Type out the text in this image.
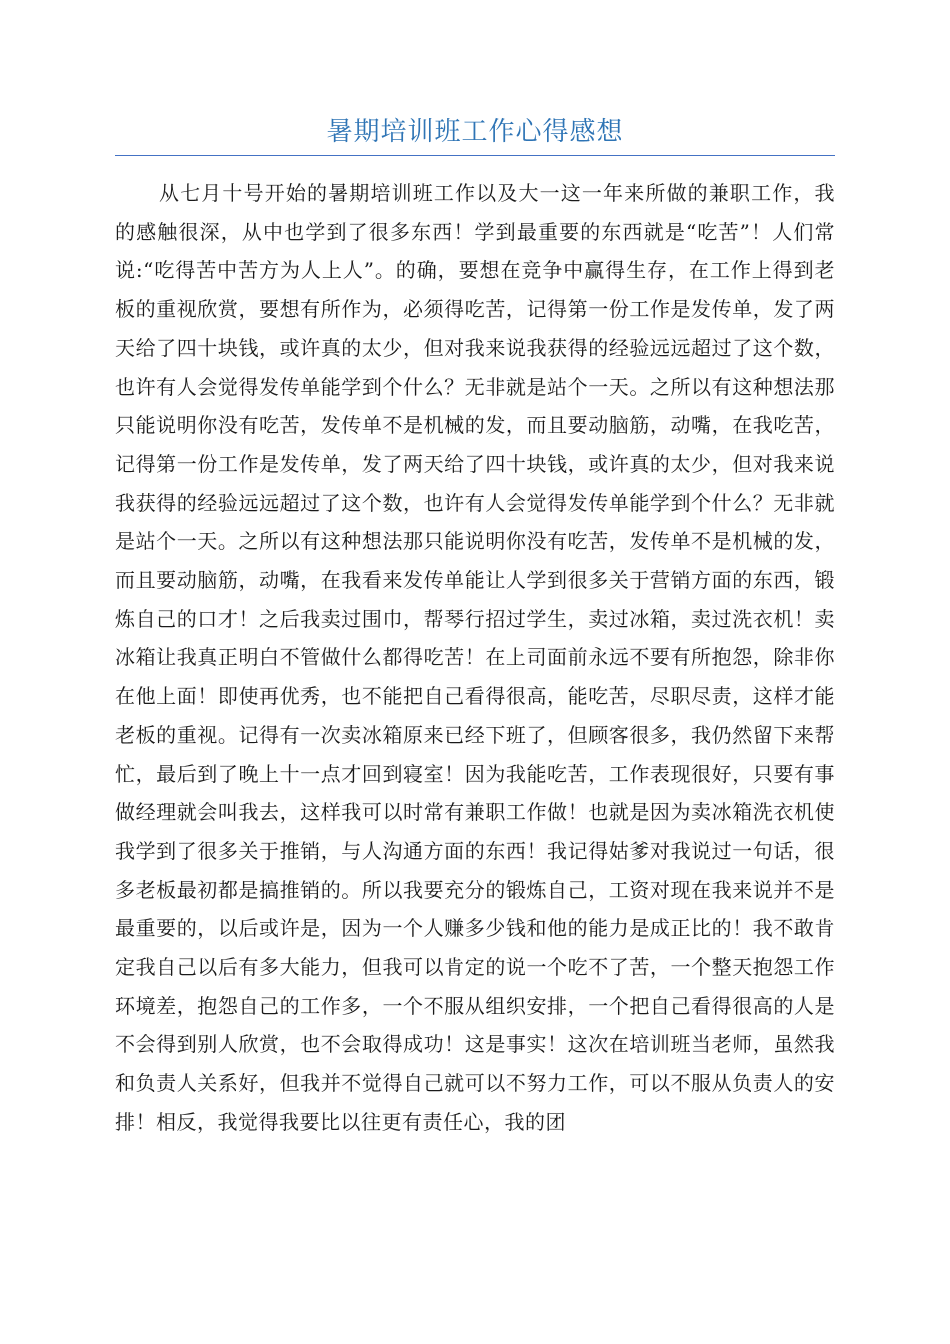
暑期培训班工作心得感想

从七月十号开始的暑期培训班工作以及大一这一年来所做的兼职工作，我的感触很深，从中也学到了很多东西！学到最重要的东西就是“吃苦”！人们常说:“吃得苦中苦方为人上人”。的确，要想在竞争中赢得生存，在工作上得到老板的重视欣赏，要想有所作为，必须得吃苦，记得第一份工作是发传单，发了两天给了四十块钱，或许真的太少，但对我来说我获得的经验远远超过了这个数，也许有人会觉得发传单能学到个什么？无非就是站个一天。之所以有这种想法那只能说明你没有吃苦，发传单不是机械的发，而且要动脑筋，动嘴，在我吃苦，记得第一份工作是发传单，发了两天给了四十块钱，或许真的太少，但对我来说我获得的经验远远超过了这个数，也许有人会觉得发传单能学到个什么？无非就是站个一天。之所以有这种想法那只能说明你没有吃苦，发传单不是机械的发，而且要动脑筋，动嘴，在我看来发传单能让人学到很多关于营销方面的东西，锻炼自己的口才！之后我卖过围巾，帮琴行招过学生，卖过冰箱，卖过洗衣机！卖冰箱让我真正明白不管做什么都得吃苦！在上司面前永远不要有所抱怨，除非你在他上面！即使再优秀，也不能把自己看得很高，能吃苦，尽职尽责，这样才能老板的重视。记得有一次卖冰箱原来已经下班了，但顾客很多，我仍然留下来帮忙，最后到了晚上十一点才回到寝室！因为我能吃苦，工作表现很好，只要有事做经理就会叫我去，这样我可以时常有兼职工作做！也就是因为卖冰箱洗衣机使我学到了很多关于推销，与人沟通方面的东西！我记得姑爹对我说过一句话，很多老板最初都是搞推销的。所以我要充分的锻炼自己，工资对现在我来说并不是最重要的，以后或许是，因为一个人赚多少钱和他的能力是成正比的！我不敢肯定我自己以后有多大能力，但我可以肯定的说一个吃不了苦，一个整天抱怨工作环境差，抱怨自己的工作多，一个不服从组织安排，一个把自己看得很高的人是不会得到别人欣赏，也不会取得成功！这是事实！这次在培训班当老师，虽然我和负责人关系好，但我并不觉得自己就可以不努力工作，可以不服从负责人的安排！相反，我觉得我要比以往更有责任心，我的团
